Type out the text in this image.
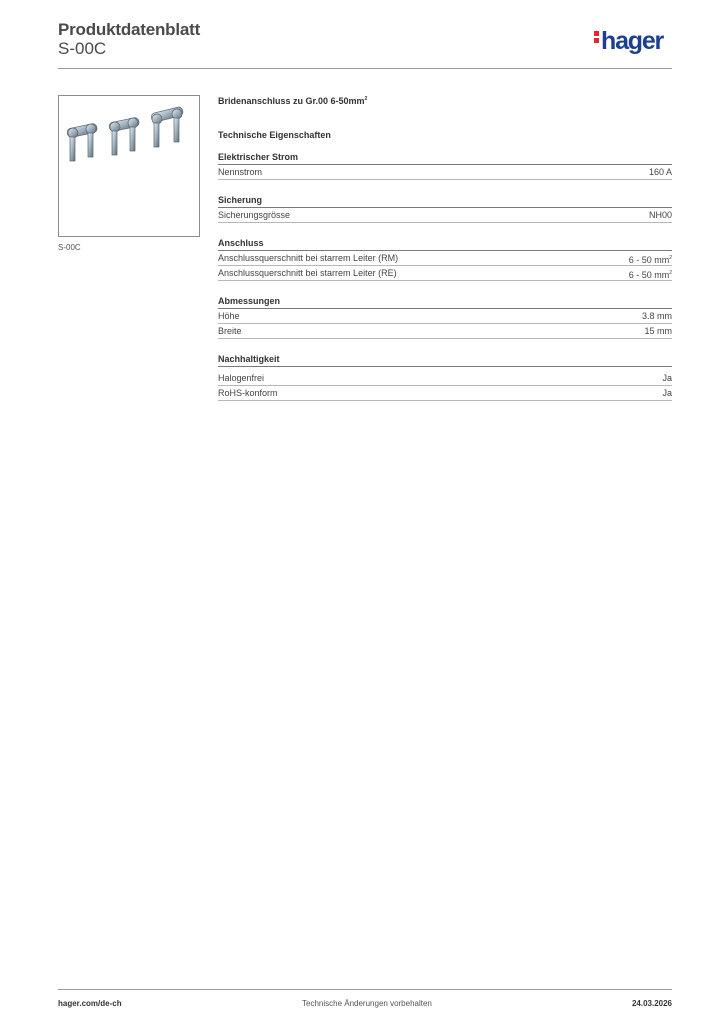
Produktdatenblatt
S-00C	hager
S-00C
Bridenanschluss zu Gr.00 $6-50mm^2$
Technische Eigenschaften
Elektrischer Strom
Nennstrom	160 A
Sicherung
Sicherungsgrösse	NH00
Anschluss
Anschlussquerschnitt bei starrem Leiter (RM)	6 - 50 $mm^2$
Anschlussquerschnitt bei starrem Leiter (RE)	6 - 50 $mm^2$
Abmessungen
Höhe	3.8 mm
Breite	15 mm
Nachhaltigkeit
Halogenfrei	Ja
RoHS-konform	Ja
hager.com/de-ch	Technische Änderungen vorbehalten	24.03.2026
